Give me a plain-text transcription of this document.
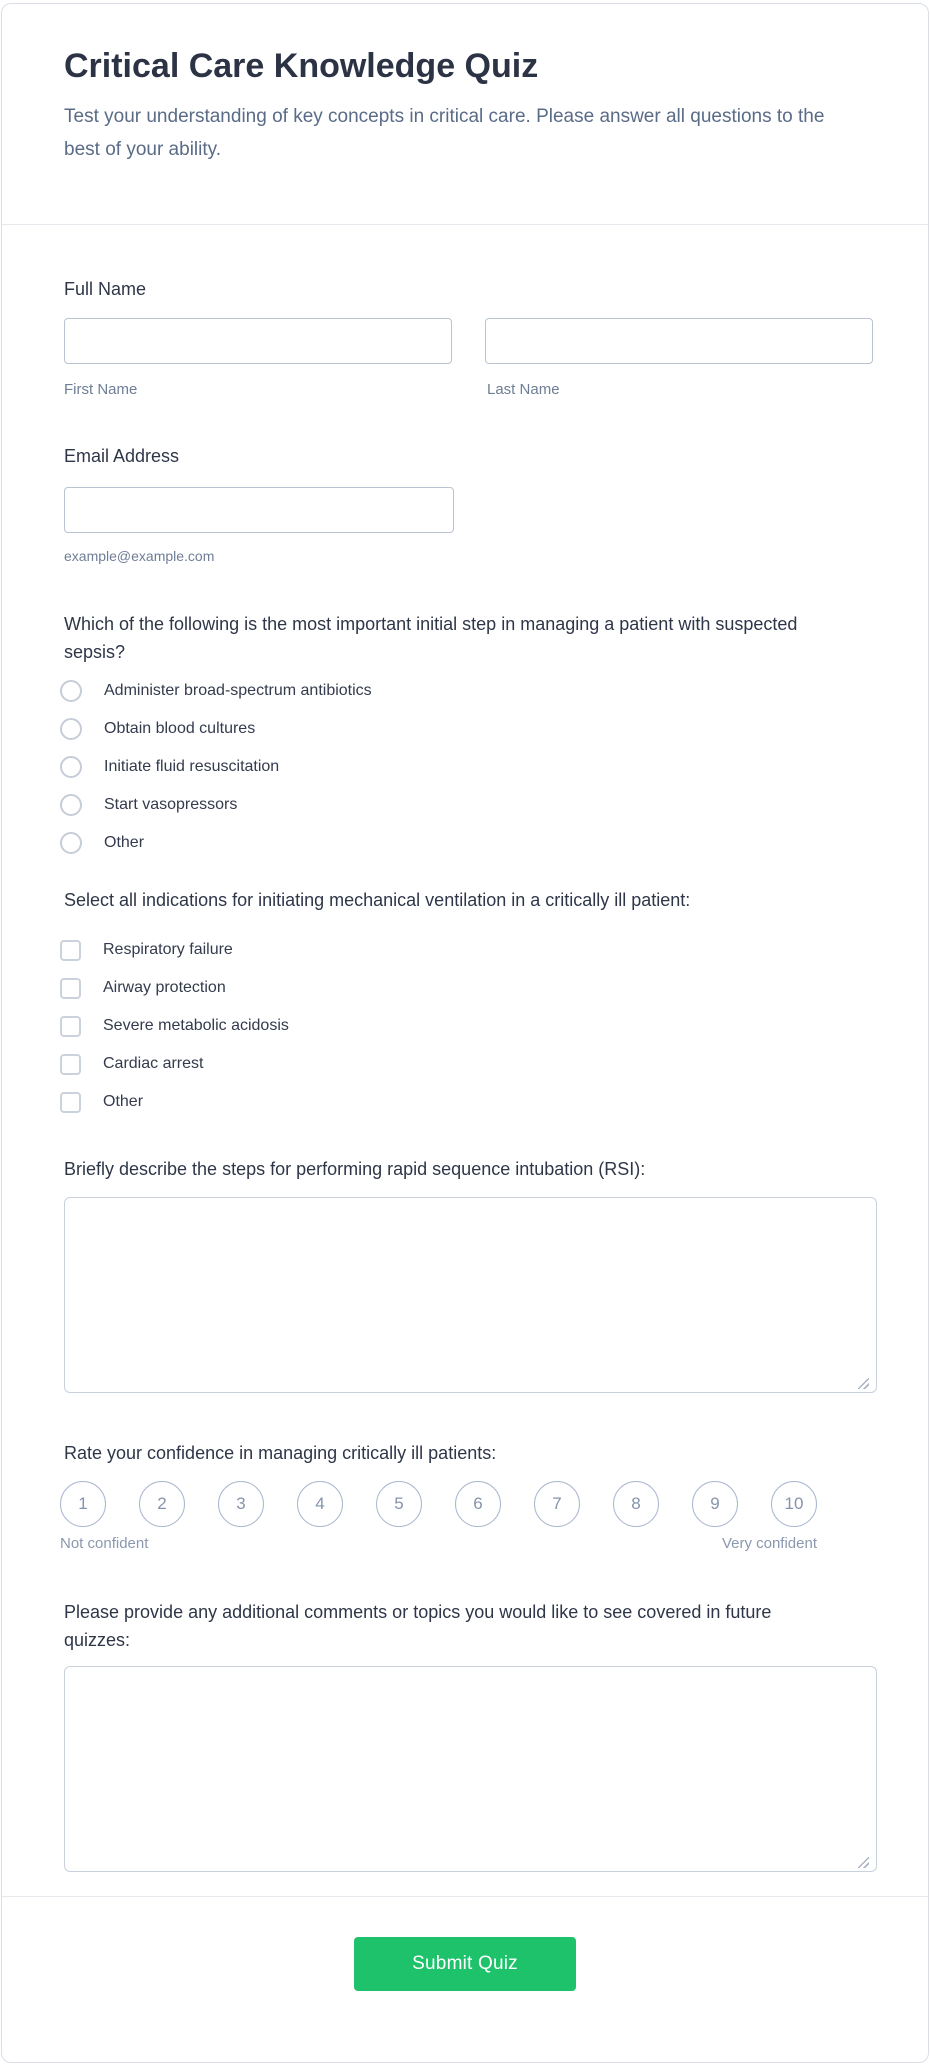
Critical Care Knowledge Quiz

Test your understanding of key concepts in critical care. Please answer all questions to the best of your ability.

Full Name
First Name	Last Name
Email Address
example@example.com
Which of the following is the most important initial step in managing a patient with suspected sepsis?
Administer broad-spectrum antibiotics
Obtain blood cultures
Initiate fluid resuscitation
Start vasopressors
Other
Select all indications for initiating mechanical ventilation in a critically ill patient:
Respiratory failure
Airway protection
Severe metabolic acidosis
Cardiac arrest
Other
Briefly describe the steps for performing rapid sequence intubation (RSI):
Rate your confidence in managing critically ill patients:
1	2	3	4	5	6	7	8	9	10
Not confident	Very confident
Please provide any additional comments or topics you would like to see covered in future quizzes:
Submit Quiz
